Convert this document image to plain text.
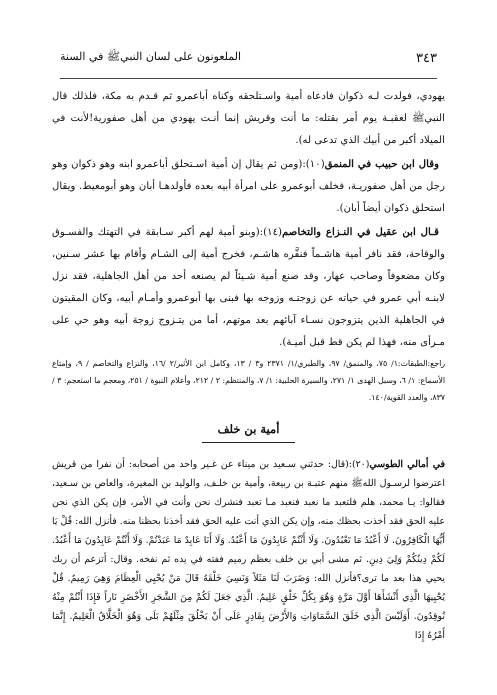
٣٤٣
الملعونون على لسان النبيﷺ في السنة

يهودي، فولدت لـه ذكوان فادعاه أمية واسـتلحقه وكناه أباعمرو ثم قـدم به مكة، فلذلك قال النبيﷺ لعقبـة يوم أمر بقتله: ما أنت وقريش إنما أنـت يهودي من أهل صفورية!لأنت في الميلاد أكبر من أبيك الذي تدعى له).

وقال ابن حبيب في المنمق(١٠):(ومن ثم يقال إن أمية اسـتحلق أباعمرو ابنه وهو ذكوان وهو رجل من أهل صفوريـة، فخلف أبوعمرو على امرأة أبيه بعده فأولدهـا أبان وهو أبومعيط. ويقال استحلق ذكوان أيضاً أبان).

قـال ابن عقيل في النـزاع والتخاصم(١٤):(وبنو أمية لهم أكبر سـابقة في التهتك والفسـوق والوقاحة، فقد نافر أمية هاشـماً فنفَّره هاشـم، فخرج أمية إلى الشـام وأقام بها عشر سـنين، وكان مضعوفاً وصاحب عهار، وقد صنع أمية شـيئاً لم يصنعه أحد من أهل الجاهلية، فقد نزل لابنـه أبي عمرو في حياته عن زوجتـه وزوجه بها فبنى بها أبوعمرو وأمـام أبيه، وكان المقيتون في الجاهلية الذين يتزوجون نسـاء آبائهم بعد موتهم، أما من يتـزوج زوجة أبيه وهو حي على مـرأى منه، فهذا لم يكن قط قبل أميـة).

راجع:الطبقات:١/ ٧٥، والمنمق/ ٩٧، والطبري/١/ ٢٣٧١ و٣ / ١٣، وكامل ابن الأثير/٢ /١٦، والنزاع والتخاصم / ٩، وإمتاع الأسماع: ١/ ٦، وسبل الهدى ١/ ٢٧١، والسيرة الحلبية: ١/ ٧، والمنتظم: ٢ / ٢١٢، وأعلام النبوة / ٢٥١، ومعجم ما استعجم: ٣ / ٨٣٧، والعدد القوية/١٤٠.

أمية بن خلف

في أمالي الطوسي(٢٠):(قال: حدثني سـعيد بن ميناء عن غـير واحد من أصحابه: أن نفرا من قريش اعترضوا لرسـول اللهﷺ منهم عتبـة بن ربيعة، وأمية بن خلـف، والوليد بن المغيرة، والعاص بن سـعيد، فقالوا: يـا محمد، هلم فلتعبد ما نعبد فنعبد مـا تعبد فنشرك نحن وأنت في الأمر، فإن يكن الذي نحن عليه الحق فقد أخذت بحظك منه، وإن يكن الذي أنت عليه الحق فقد أخذنا بحظنا منه. فأنزل الله: قُلْ يَا أَيُّهَا الْكَافِرُونَ. لَا أَعْبُدُ مَا تَعْبُدُونَ. وَلَا أَنْتُمْ عَابِدُونَ مَا أَعْبُدُ. وَلَا أَنَا عَابِدٌ مَا عَبَدْتُمْ. وَلَا أَنْتُمْ عَابِدُونَ مَا أَعْبُدُ. لَكُمْ دِينُكُمْ وَلِيَ دِينِ. ثم مشى أبي بن خلف بعظم رميم ففته في يده ثم نفخه. وقال: أتزعم أن ربك يحيي هذا بعد ما ترى؟فأنزل الله: وَضَرَبَ لَنَا مَثَلاً وَنَسِيَ خَلْقَهُ قَالَ مَنْ يُحْيِي الْعِظَامَ وَهِيَ رَمِيمٌ. قُلْ يُحْيِيهَا الَّذِي أَنْشَأَهَا أَوَّلَ مَرَّةٍ وَهُوَ بِكُلِّ خَلْقٍ عَلِيمٌ. الَّذِي جَعَلَ لَكُمْ مِنَ الشَّجَرِ الأَخْضَرِ نَاراً فَإِذَا أَنْتُمْ مِنْهُ تُوقِدُونَ. أَوَلَيْسَ الَّذِي خَلَقَ السَّمَاوَاتِ وَالأَرْضَ بِقَادِرٍ عَلَى أَنْ يَخْلُقَ مِثْلَهُمْ بَلَى وَهُوَ الْخَلَّاقُ الْعَلِيمُ. إِنَّمَا أَمْرُهُ إِذَا
